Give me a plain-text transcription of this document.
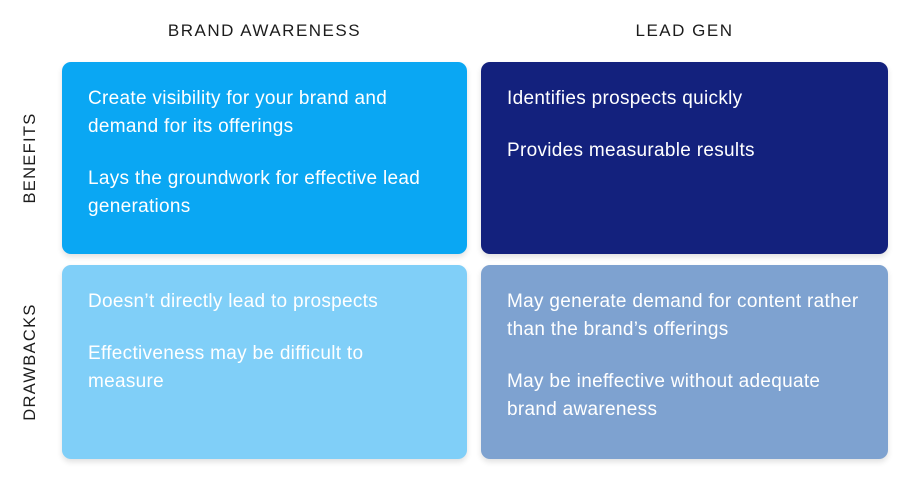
BRAND AWARENESS	LEAD GEN
BENEFITS
DRAWBACKS

Create visibility for your brand and demand for its offerings

Lays the groundwork for effective lead generations

Identifies prospects quickly

Provides measurable results

Doesn’t directly lead to prospects

Effectiveness may be difficult to measure

May generate demand for content rather than the brand’s offerings

May be ineffective without adequate brand awareness
